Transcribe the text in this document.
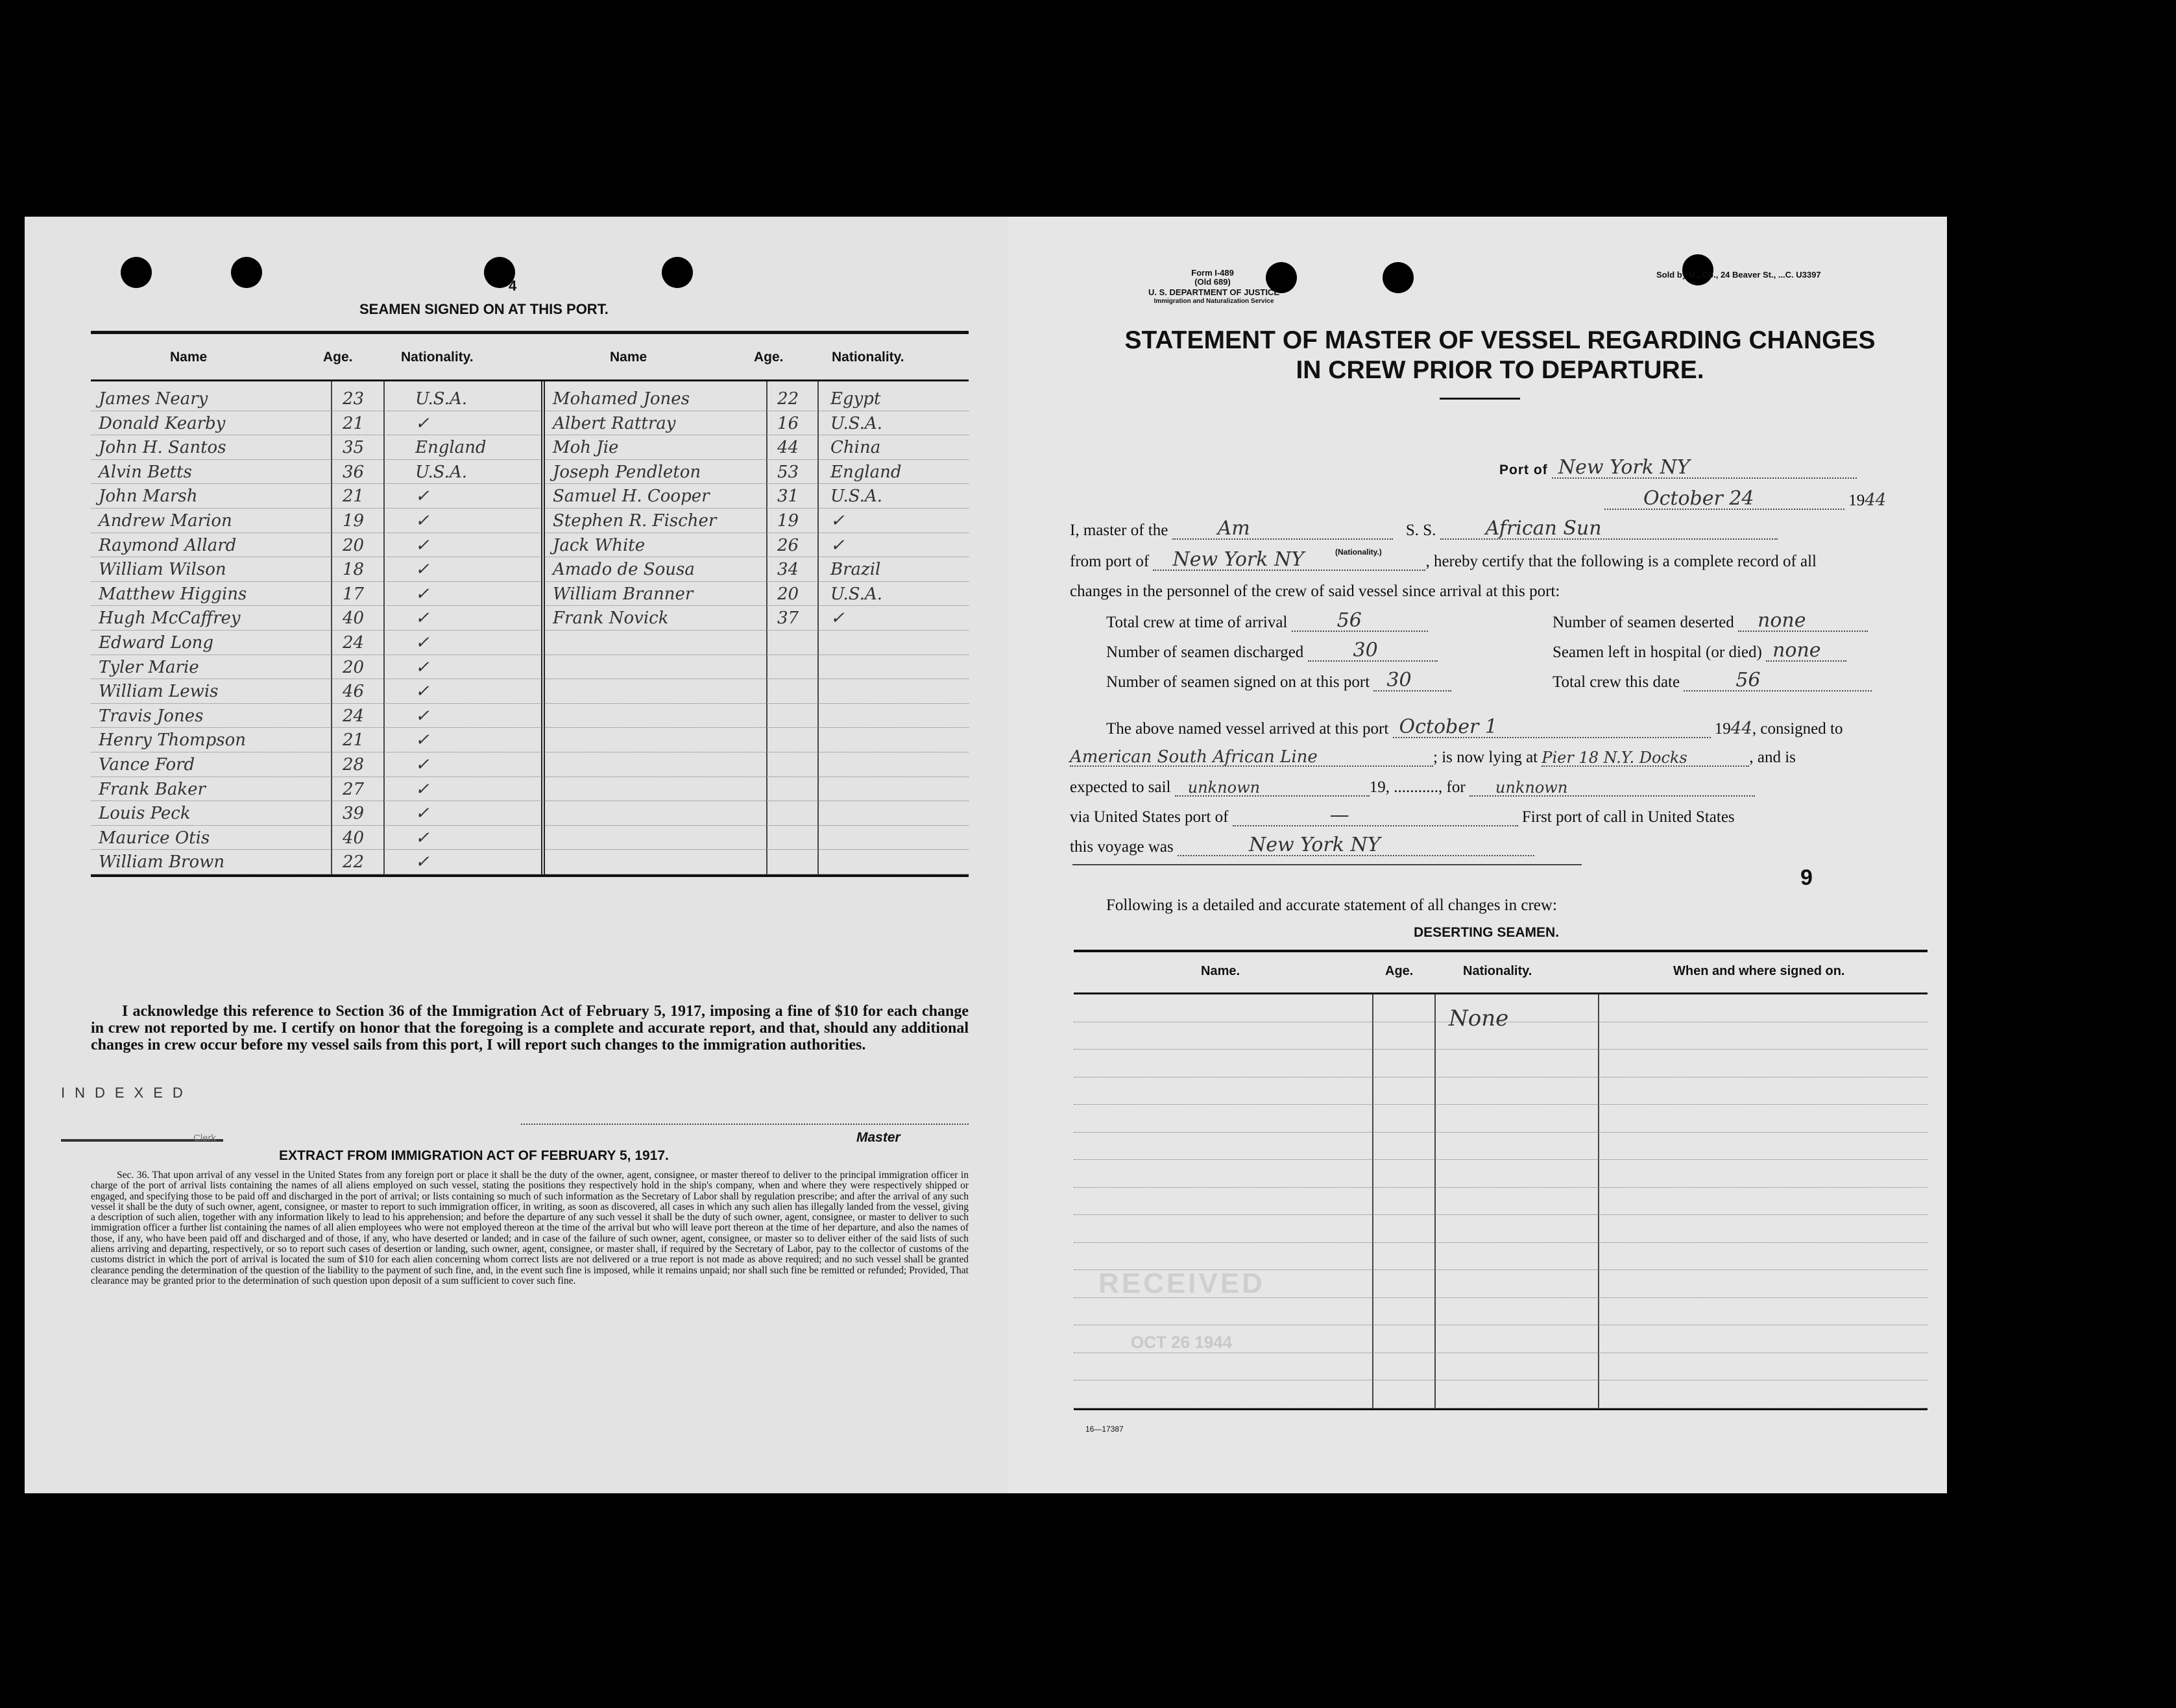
4
SEAMEN SIGNED ON AT THIS PORT.
Name	Age.	Nationality.	Name	Age.	Nationality.
James Neary	23	U.S.A.	Mohamed Jones	22 Egypt
Donald Kearby	21	✓	Albert Rattray	16 U.S.A.
John H. Santos	35	England	Moh Jie	44 China
Alvin Betts	36	U.S.A.	Joseph Pendleton	53 England
John Marsh	21	✓	Samuel H. Cooper	31 U.S.A.
Andrew Marion	19	✓	Stephen R. Fischer	19 ✓
Raymond Allard	20	✓	Jack White	26 ✓
William Wilson	18	✓	Amado de Sousa	34 Brazil
Matthew Higgins	17	✓	William Branner	20 U.S.A.
Hugh McCaffrey	40	✓	Frank Novick	37 ✓
Edward Long	24	✓
Tyler Marie	20	✓
William Lewis	46	✓
Travis Jones	24	✓
Henry Thompson	21	✓
Vance Ford	28	✓
Frank Baker	27	✓
Louis Peck	39	✓
Maurice Otis	40	✓
William Brown	22	✓
I acknowledge this reference to Section 36 of the Immigration Act of February 5, 1917, imposing a fine of $10 for each change in crew not reported by me. I certify on honor that the foregoing is a complete and accurate report, and that, should any additional changes in crew occur before my vessel sails from this port, I will report such changes to the immigration authorities.
INDEXED
Clerk	Master
EXTRACT FROM IMMIGRATION ACT OF FEBRUARY 5, 1917.
Sec. 36. That upon arrival of any vessel in the United States from any foreign port or place it shall be the duty of the owner, agent, consignee, or master thereof to deliver to the principal immigration officer in charge of the port of arrival lists containing the names of all aliens employed on such vessel, stating the positions they respectively hold in the ship's company, when and where they were respectively shipped or engaged, and specifying those to be paid off and discharged in the port of arrival; or lists containing so much of such information as the Secretary of Labor shall by regulation prescribe; and after the arrival of any such vessel it shall be the duty of such owner, agent, consignee, or master to report to such immigration officer, in writing, as soon as discovered, all cases in which any such alien has illegally landed from the vessel, giving a description of such alien, together with any information likely to lead to his apprehension; and before the departure of any such vessel it shall be the duty of such owner, agent, consignee, or master to deliver to such immigration officer a further list containing the names of all alien employees who were not employed thereon at the time of the arrival but who will leave port thereon at the time of her departure, and also the names of those, if any, who have been paid off and discharged and of those, if any, who have deserted or landed; and in case of the failure of such owner, agent, consignee, or master so to deliver either of the said lists of such aliens arriving and departing, respectively, or so to report such cases of desertion or landing, such owner, agent, consignee, or master shall, if required by the Secretary of Labor, pay to the collector of customs of the customs district in which the port of arrival is located the sum of $10 for each alien concerning whom correct lists are not delivered or a true report is not made as above required; and no such vessel shall be granted clearance pending the determination of the question of the liability to the payment of such fine, and, in the event such fine is imposed, while it remains unpaid; nor shall such fine be remitted or refunded; Provided, That clearance may be granted prior to the determination of such question upon deposit of a sum sufficient to cover such fine.
Form I-489
(Old 689)
U. S. DEPARTMENT OF JUSTICE
Immigration and Naturalization Service
Sold by U...Co., 24 Beaver St., ...C. U3397
STATEMENT OF MASTER OF VESSEL REGARDING CHANGES
IN CREW PRIOR TO DEPARTURE.
Port of New York NY
October 24	1944
I, master of the	Am	S. S.	African Sun
(Nationality.)
from port of New York NY	, hereby certify that the following is a complete record of all
changes in the personnel of the crew of said vessel since arrival at this port:
Total crew at time of arrival	56	Number of seamen deserted none
Number of seamen discharged	30	Seamen left in hospital (or died) none
Number of seamen signed on at this port 30	Total crew this date	56
The above named vessel arrived at this port October 1	1944, consigned to
American South African Line	; is now lying at Pier 18 N.Y. Docks	, and is
expected to sail unknown	19, ..........., for unknown
via United States port of	—	First port of call in United States
this voyage was	New York NY
9
Following is a detailed and accurate statement of all changes in crew:
DESERTING SEAMEN.
Name.	Age.	Nationality.	When and where signed on.
None
RECEIVED
OCT 26 1944
16—17387
